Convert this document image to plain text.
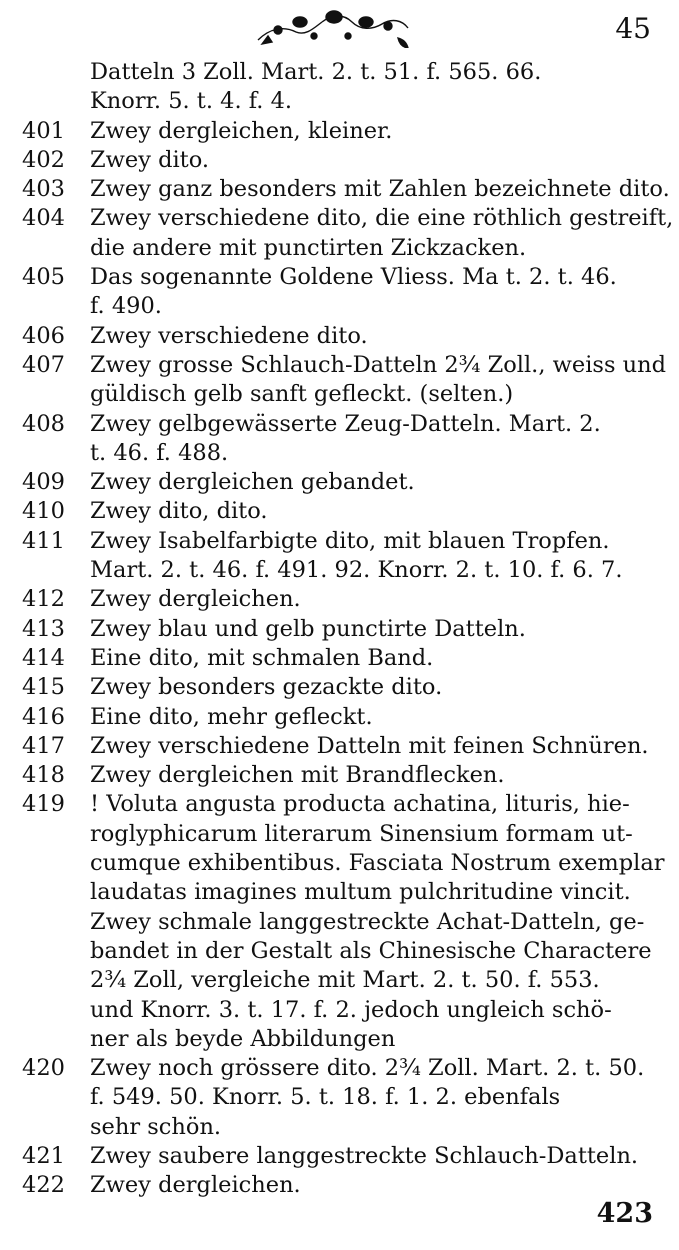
45
Datteln 3 Zoll. Mart. 2. t. 51. f. 565. 66.
Knorr. 5. t. 4. f. 4.
401	Zwey dergleichen, kleiner.
402	Zwey dito.
403	Zwey ganz besonders mit Zahlen bezeichnete dito.
404	Zwey verschiedene dito, die eine röthlich gestreift,
die andere mit punctirten Zickzacken.
405	Das sogenannte Goldene Vliess. Ma t. 2. t. 46.
f. 490.
406	Zwey verschiedene dito.
407	Zwey grosse Schlauch-Datteln 2¾ Zoll., weiss und
güldisch gelb sanft gefleckt. (selten.)
408	Zwey gelbgewässerte Zeug-Datteln. Mart. 2.
t. 46. f. 488.
409	Zwey dergleichen gebandet.
410	Zwey dito, dito.
411	Zwey Isabelfarbigte dito, mit blauen Tropfen.
Mart. 2. t. 46. f. 491. 92. Knorr. 2. t. 10. f. 6. 7.
412	Zwey dergleichen.
413	Zwey blau und gelb punctirte Datteln.
414	Eine dito, mit schmalen Band.
415	Zwey besonders gezackte dito.
416	Eine dito, mehr gefleckt.
417	Zwey verschiedene Datteln mit feinen Schnüren.
418	Zwey dergleichen mit Brandflecken.
419	! Voluta angusta producta achatina, lituris, hie-
roglyphicarum literarum Sinensium formam ut-
cumque exhibentibus. Fasciata Nostrum exemplar
laudatas imagines multum pulchritudine vincit.
Zwey schmale langgestreckte Achat-Datteln, ge-
bandet in der Gestalt als Chinesische Charactere
2¾ Zoll, vergleiche mit Mart. 2. t. 50. f. 553.
und Knorr. 3. t. 17. f. 2. jedoch ungleich schö-
ner als beyde Abbildungen
420	Zwey noch grössere dito. 2¾ Zoll. Mart. 2. t. 50.
f. 549. 50. Knorr. 5. t. 18. f. 1. 2. ebenfals
sehr schön.
421	Zwey saubere langgestreckte Schlauch-Datteln.
422	Zwey dergleichen.
423
